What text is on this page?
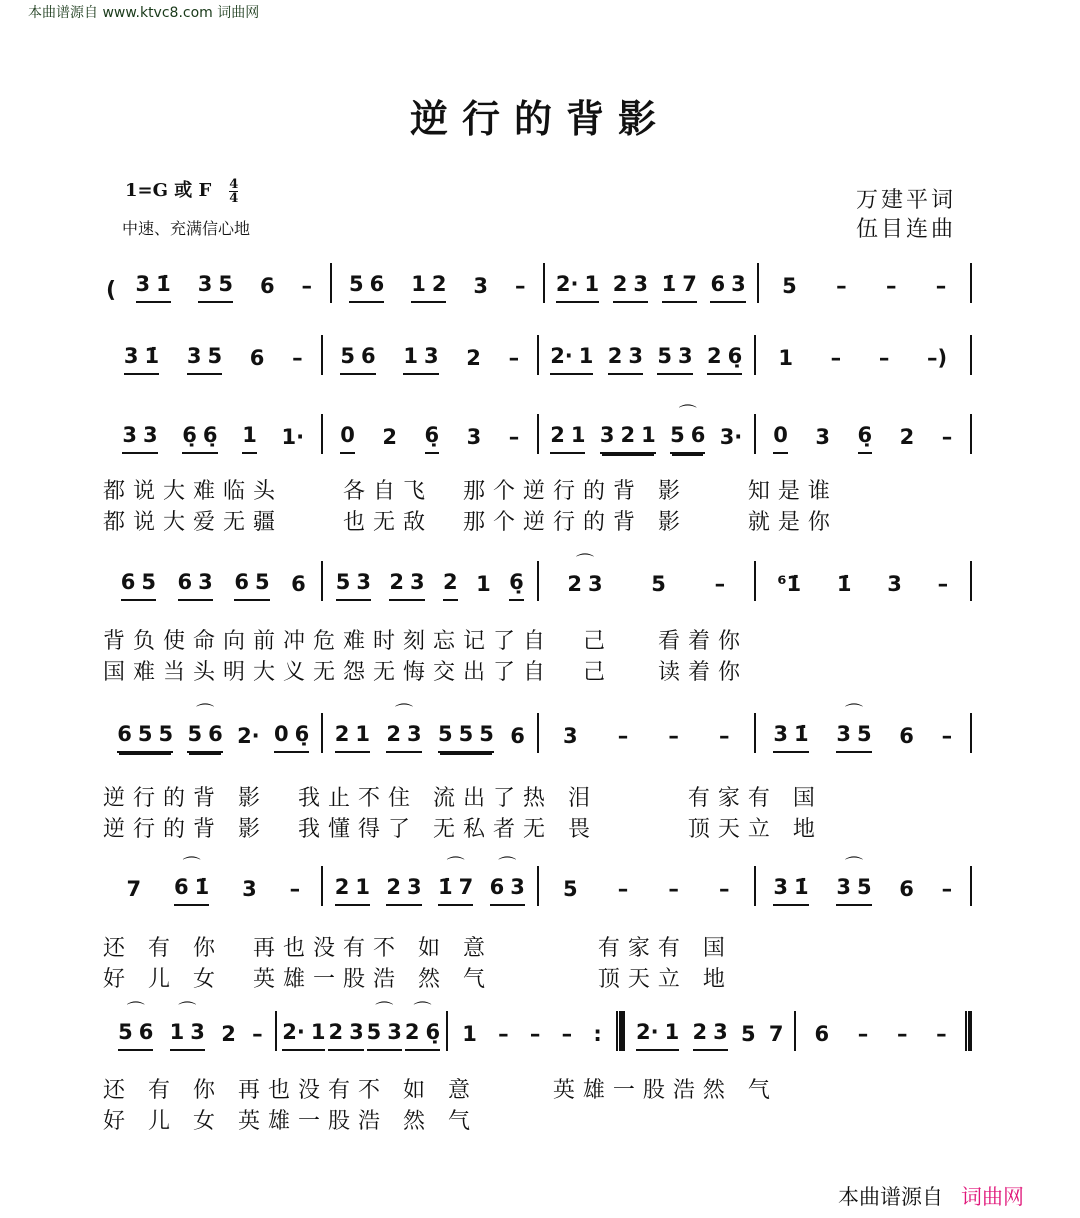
本曲谱源自 www.ktvc8.com 词曲网
逆行的背影
1=G 或 F $\frac{4}{4}$
中速、充满信心地
万建平词
伍目连曲
( 3 1̇ 3 5 6 – 5 6 1 2 3 – 2· 1 2 3 1̇ 7 6 3 5 – – –
3 1̇ 3 5 6 – 5 6 1 3 2 – 2· 1 2 3 5 3 2 6̣ 1 – – –)
3 3 6̣ 6̣ 1 1· 0 2 6̣ 3 – 2 1 3 2 1
⌒
5 6 3· 0 3 6̣ 2 –
6 5 6 3 6 5 6 5 3 2 3 2 1 6̣
⌒
2 3 5 – ⁶1̇ 1̇ 3 –
6 5 5
⌒
5 6 2· 0 6̣ 2 1
⌒
2 3 5 5 5 6 3 – – – 3 1̇
⌒
3 5 6 –
7
⌒
6 1̇ 3 – 2 1 2 3
⌒
1̇ 7
⌒
6 3 5 – – – 3 1̇
⌒
3 5 6 –
⌒
5 6
⌒
1 3 2 – 2· 1 2 3
⌒
5 3
⌒
2 6̣ 1 – – – : 2· 1 2 3 5 7 6 – – –
都说大难临头    各自飞  那个逆行的背 影    知是谁
都说大爱无疆    也无敌  那个逆行的背 影    就是你
背负使命向前冲危难时刻忘记了自  己   看着你
国难当头明大义无怨无悔交出了自  己   读着你
逆行的背 影  我止不住 流出了热 泪      有家有 国
逆行的背 影  我懂得了 无私者无 畏      顶天立 地
还 有 你  再也没有不 如 意       有家有 国
好 儿 女  英雄一股浩 然 气       顶天立 地
还 有 你 再也没有不 如 意     英雄一股浩然 气
好 儿 女 英雄一股浩 然 气
本曲谱源自 词曲网
